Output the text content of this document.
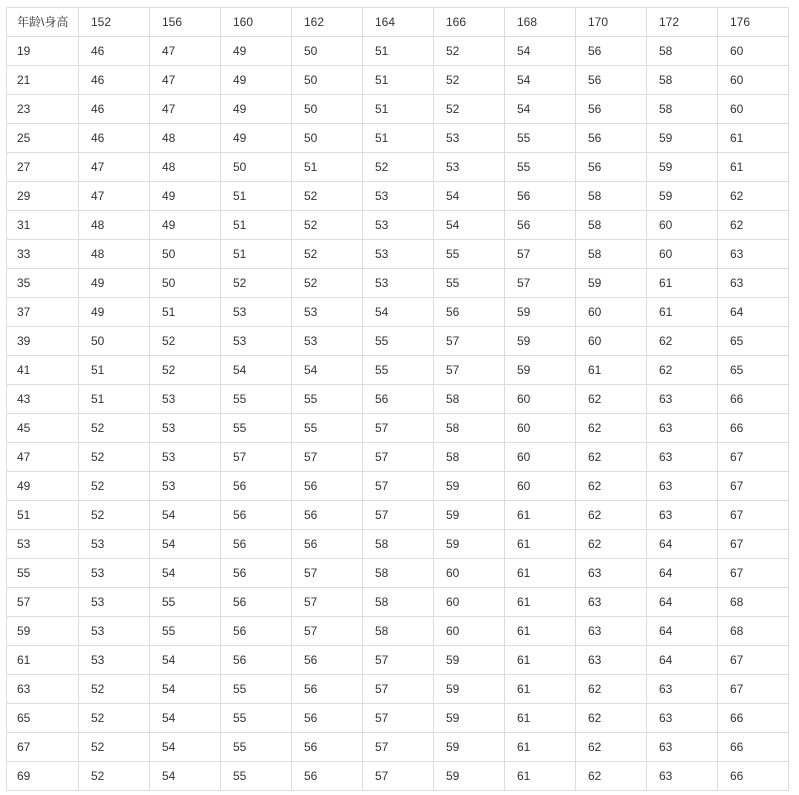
年龄\身高	152	156	160	162	164	166	168	170	172	176
19	46	47	49	50	51	52	54	56	58	60
21	46	47	49	50	51	52	54	56	58	60
23	46	47	49	50	51	52	54	56	58	60
25	46	48	49	50	51	53	55	56	59	61
27	47	48	50	51	52	53	55	56	59	61
29	47	49	51	52	53	54	56	58	59	62
31	48	49	51	52	53	54	56	58	60	62
33	48	50	51	52	53	55	57	58	60	63
35	49	50	52	52	53	55	57	59	61	63
37	49	51	53	53	54	56	59	60	61	64
39	50	52	53	53	55	57	59	60	62	65
41	51	52	54	54	55	57	59	61	62	65
43	51	53	55	55	56	58	60	62	63	66
45	52	53	55	55	57	58	60	62	63	66
47	52	53	57	57	57	58	60	62	63	67
49	52	53	56	56	57	59	60	62	63	67
51	52	54	56	56	57	59	61	62	63	67
53	53	54	56	56	58	59	61	62	64	67
55	53	54	56	57	58	60	61	63	64	67
57	53	55	56	57	58	60	61	63	64	68
59	53	55	56	57	58	60	61	63	64	68
61	53	54	56	56	57	59	61	63	64	67
63	52	54	55	56	57	59	61	62	63	67
65	52	54	55	56	57	59	61	62	63	66
67	52	54	55	56	57	59	61	62	63	66
69	52	54	55	56	57	59	61	62	63	66
